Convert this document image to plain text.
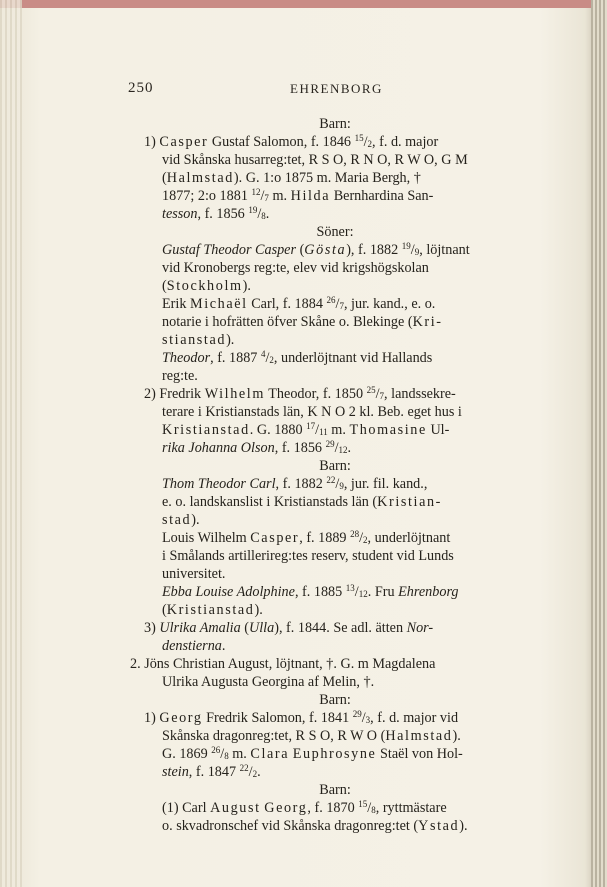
250	EHRENBORG
Barn:
1) Casper Gustaf Salomon, f. 1846 $^{15}/_2$, f. d. major
vid Skånska husarreg:tet, R S O, R N O, R W O, G M
(Halmstad). G. 1:o 1875 m. Maria Bergh, †
1877; 2:o 1881 $^{12}/_7$ m. Hilda Bernhardina San-
tesson, f. 1856 $^{19}/_8$.
Söner:
Gustaf Theodor Casper (Gösta), f. 1882 $^{19}/_9$, löjtnant
vid Kronobergs reg:te, elev vid krigshögskolan
(Stockholm).
Erik Michaël Carl, f. 1884 $^{26}/_7$, jur. kand., e. o.
notarie i hofrätten öfver Skåne o. Blekinge (Kri-
stianstad).
Theodor, f. 1887 $^4/_2$, underlöjtnant vid Hallands
reg:te.
2) Fredrik Wilhelm Theodor, f. 1850 $^{25}/_7$, landssekre-
terare i Kristianstads län, K N O 2 kl. Beb. eget hus i
Kristianstad. G. 1880 $^{17}/_{11}$ m. Thomasine Ul-
rika Johanna Olson, f. 1856 $^{29}/_{12}$.
Barn:
Thom Theodor Carl, f. 1882 $^{22}/_9$, jur. fil. kand.,
e. o. landskanslist i Kristianstads län (Kristian-
stad).
Louis Wilhelm Casper, f. 1889 $^{28}/_2$, underlöjtnant
i Smålands artillerireg:tes reserv, student vid Lunds
universitet.
Ebba Louise Adolphine, f. 1885 $^{13}/_{12}$. Fru Ehrenborg
(Kristianstad).
3) Ulrika Amalia (Ulla), f. 1844. Se adl. ätten Nor-
denstierna.
2. Jöns Christian August, löjtnant, †. G. m Magdalena
Ulrika Augusta Georgina af Melin, †.
Barn:
1) Georg Fredrik Salomon, f. 1841 $^{29}/_3$, f. d. major vid
Skånska dragonreg:tet, R S O, R W O (Halmstad).
G. 1869 $^{26}/_8$ m. Clara Euphrosyne Staël von Hol-
stein, f. 1847 $^{22}/_2$.
Barn:
(1) Carl August Georg, f. 1870 $^{15}/_8$, ryttmästare
o. skvadronschef vid Skånska dragonreg:tet (Ystad).
